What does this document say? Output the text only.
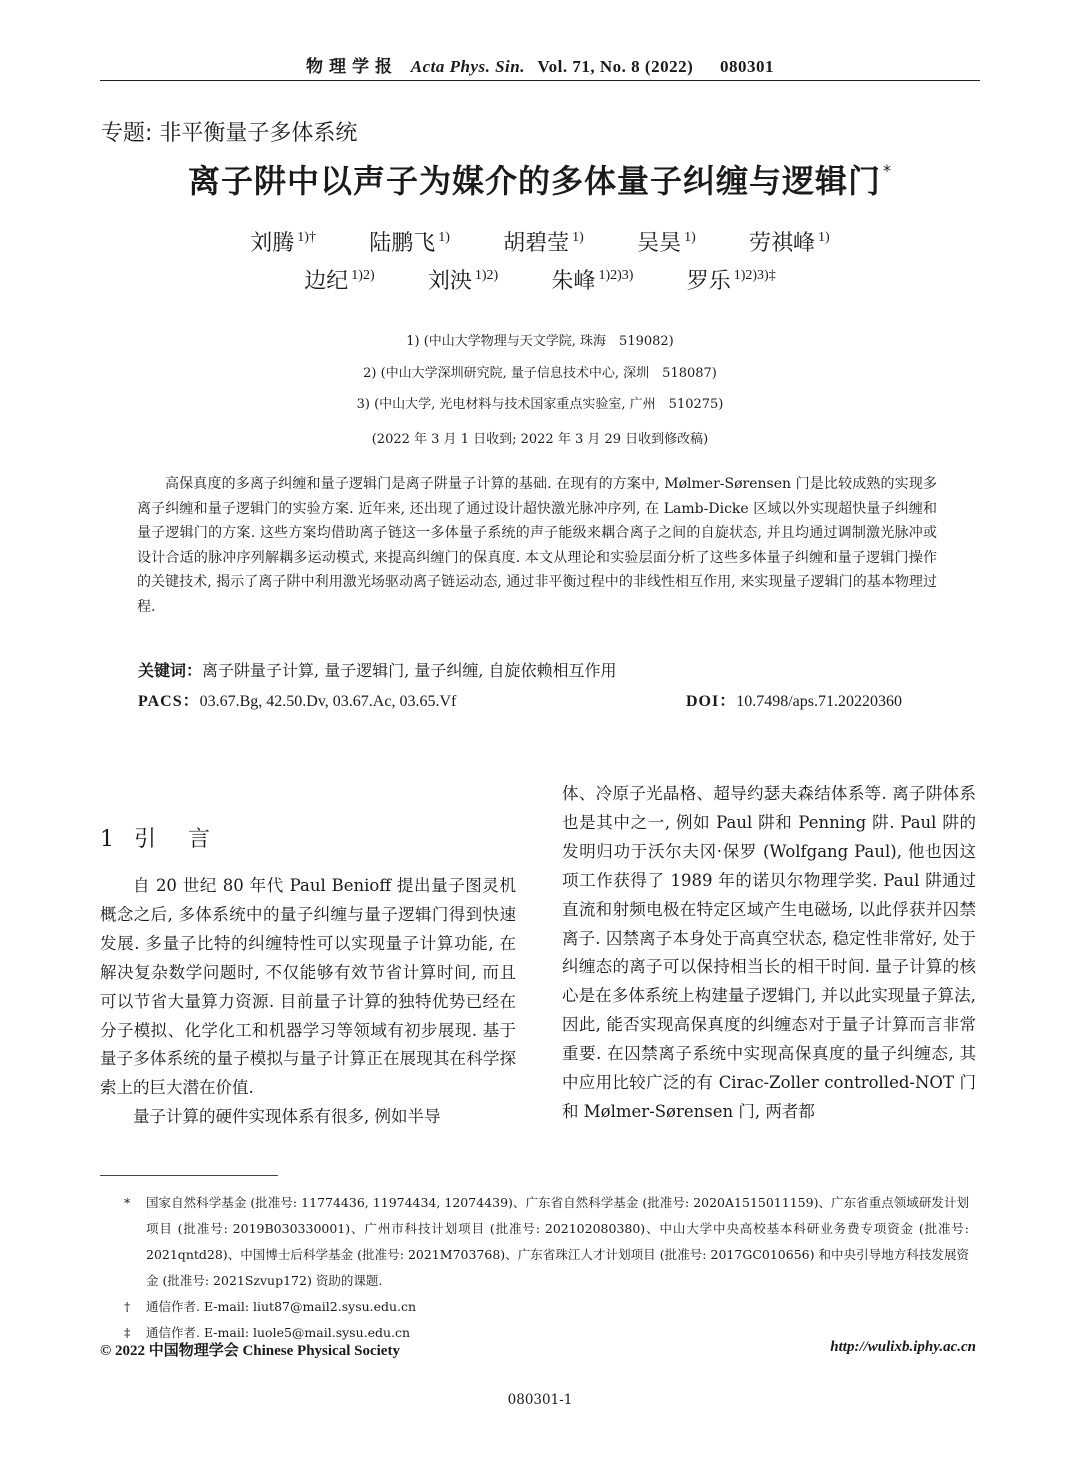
物理学报 Acta Phys. Sin. Vol. 71, No. 8 (2022) 080301
专题: 非平衡量子多体系统
离子阱中以声子为媒介的多体量子纠缠与逻辑门 *
刘腾 $^{1)\dagger}$ 陆鹏飞 $^{1)}$ 胡碧莹 $^{1)}$ 吴昊 $^{1)}$ 劳祺峰 $^{1)}$
边纪 $^{1)2)}$ 刘泱 $^{1)2)}$ 朱峰 $^{1)2)3)}$ 罗乐 $^{1)2)3)\ddagger}$
1) (中山大学物理与天文学院, 珠海　519082)
2) (中山大学深圳研究院, 量子信息技术中心, 深圳　518087)
3) (中山大学, 光电材料与技术国家重点实验室, 广州　510275)
(2022 年 3 月 1 日收到; 2022 年 3 月 29 日收到修改稿)
高保真度的多离子纠缠和量子逻辑门是离子阱量子计算的基础. 在现有的方案中, Mølmer-Sørensen 门是比较成熟的实现多离子纠缠和量子逻辑门的实验方案. 近年来, 还出现了通过设计超快激光脉冲序列, 在 Lamb-Dicke 区域以外实现超快量子纠缠和量子逻辑门的方案. 这些方案均借助离子链这一多体量子系统的声子能级来耦合离子之间的自旋状态, 并且均通过调制激光脉冲或设计合适的脉冲序列解耦多运动模式, 来提高纠缠门的保真度. 本文从理论和实验层面分析了这些多体量子纠缠和量子逻辑门操作的关键技术, 揭示了离子阱中利用激光场驱动离子链运动态, 通过非平衡过程中的非线性相互作用, 来实现量子逻辑门的基本物理过程.
关键词：离子阱量子计算, 量子逻辑门, 量子纠缠, 自旋依赖相互作用
PACS：03.67.Bg, 42.50.Dv, 03.67.Ac, 03.65.Vf	DOI：10.7498/aps.71.20220360
1 引言

自 20 世纪 80 年代 Paul Benioff 提出量子图灵机概念之后, 多体系统中的量子纠缠与量子逻辑门得到快速发展. 多量子比特的纠缠特性可以实现量子计算功能, 在解决复杂数学问题时, 不仅能够有效节省计算时间, 而且可以节省大量算力资源. 目前量子计算的独特优势已经在分子模拟、化学化工和机器学习等领域有初步展现. 基于量子多体系统的量子模拟与量子计算正在展现其在科学探索上的巨大潜在价值.

量子计算的硬件实现体系有很多, 例如半导

体、冷原子光晶格、超导约瑟夫森结体系等. 离子阱体系也是其中之一, 例如 Paul 阱和 Penning 阱. Paul 阱的发明归功于沃尔夫冈·保罗 (Wolfgang Paul), 他也因这项工作获得了 1989 年的诺贝尔物理学奖. Paul 阱通过直流和射频电极在特定区域产生电磁场, 以此俘获并囚禁离子. 囚禁离子本身处于高真空状态, 稳定性非常好, 处于纠缠态的离子可以保持相当长的相干时间. 量子计算的核心是在多体系统上构建量子逻辑门, 并以此实现量子算法, 因此, 能否实现高保真度的纠缠态对于量子计算而言非常重要. 在囚禁离子系统中实现高保真度的量子纠缠态, 其中应用比较广泛的有 Cirac-Zoller controlled-NOT 门和 Mølmer-Sørensen 门, 两者都
*	国家自然科学基金 (批准号: 11774436, 11974434, 12074439)、广东省自然科学基金 (批准号: 2020A1515011159)、广东省重点领域研发计划项目 (批准号: 2019B030330001)、广州市科技计划项目 (批准号: 202102080380)、中山大学中央高校基本科研业务费专项资金 (批准号: 2021qntd28)、中国博士后科学基金 (批准号: 2021M703768)、广东省珠江人才计划项目 (批准号: 2017GC010656) 和中央引导地方科技发展资金 (批准号: 2021Szvup172) 资助的课题.
†	通信作者. E-mail: liut87@mail2.sysu.edu.cn
‡	通信作者. E-mail: luole5@mail.sysu.edu.cn
© 2022 中国物理学会 Chinese Physical Society	http://wulixb.iphy.ac.cn
080301-1
